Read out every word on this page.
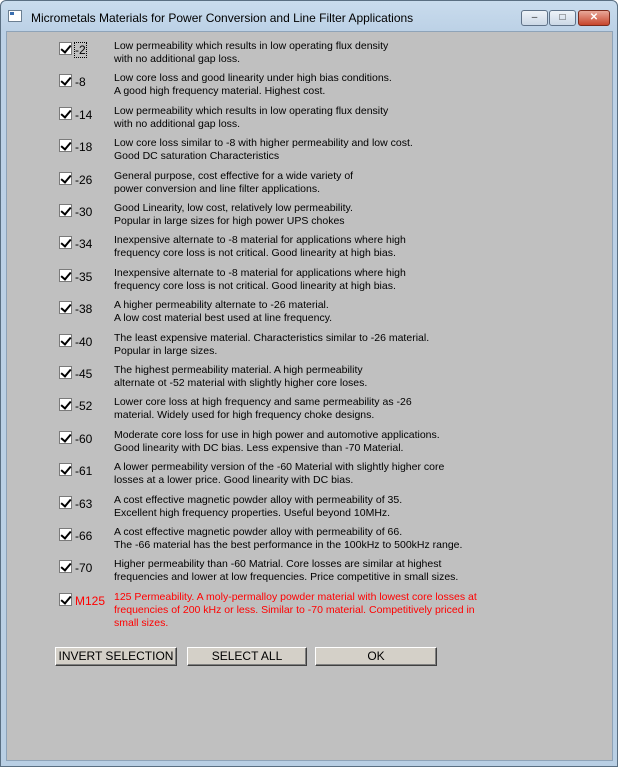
Micrometals Materials for Power Conversion and Line Filter Applications	–	□	✕
-2	Low permeability which results in low operating flux density
with no additional gap loss.
-8	Low core loss and good linearity under high bias conditions.
A good high frequency material. Highest cost.
-14 Low permeability which results in low operating flux density
with no additional gap loss.
-18 Low core loss similar to -8 with higher permeability and low cost.
Good DC saturation Characteristics
-26 General purpose, cost effective for a wide variety of
power conversion and line filter applications.
-30 Good Linearity, low cost, relatively low permeability.
Popular in large sizes for high power UPS chokes
-34 Inexpensive alternate to -8 material for applications where high
frequency core loss is not critical. Good linearity at high bias.
-35 Inexpensive alternate to -8 material for applications where high
frequency core loss is not critical. Good linearity at high bias.
-38 A higher permeability alternate to -26 material.
A low cost material best used at line frequency.
-40 The least expensive material. Characteristics similar to -26 material.
Popular in large sizes.
-45 The highest permeability material. A high permeability
alternate ot -52 material with slightly higher core loses.
-52 Lower core loss at high frequency and same permeability as -26
material. Widely used for high frequency choke designs.
-60 Moderate core loss for use in high power and automotive applications.
Good linearity with DC bias. Less expensive than -70 Material.
-61 A lower permeability version of the -60 Material with slightly higher core
losses at a lower price. Good linearity with DC bias.
-63 A cost effective magnetic powder alloy with permeability of 35.
Excellent high frequency properties. Useful beyond 10MHz.
-66 A cost effective magnetic powder alloy with permeability of 66.
The -66 material has the best performance in the 100kHz to 500kHz range.
-70 Higher permeability than -60 Matrial. Core losses are similar at highest
frequencies and lower at low frequencies. Price competitive in small sizes.
M125 125 Permeability. A moly-permalloy powder material with lowest core losses at
frequencies of 200 kHz or less. Similar to -70 material. Competitively priced in
small sizes.
INVERT SELECTION	SELECT ALL	OK
